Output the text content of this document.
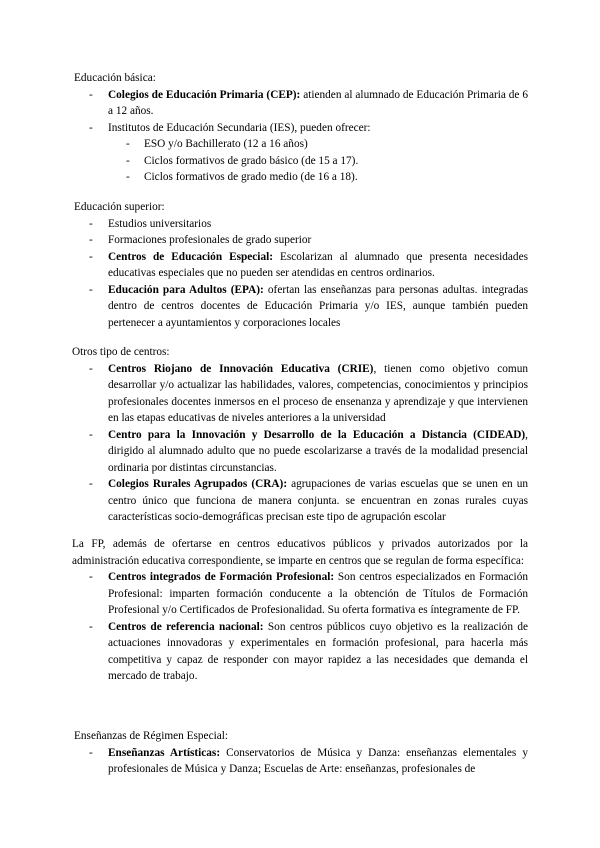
Educación básica:

- Colegios de Educación Primaria (CEP): atienden al alumnado de Educación Primaria de 6 a 12 años.
- Institutos de Educación Secundaria (IES), pueden ofrecer:
- ESO y/o Bachillerato (12 a 16 años)
- Ciclos formativos de grado básico (de 15 a 17).
- Ciclos formativos de grado medio (de 16 a 18).

Educación superior:

- Estudios universitarios
- Formaciones profesionales de grado superior
- Centros de Educación Especial: Escolarizan al alumnado que presenta necesidades educativas especiales que no pueden ser atendidas en centros ordinarios.
- Educación para Adultos (EPA): ofertan las enseñanzas para personas adultas. integradas dentro de centros docentes de Educación Primaria y/o IES, aunque también pueden pertenecer a ayuntamientos y corporaciones locales

Otros tipo de centros:

- Centros Riojano de Innovación Educativa (CRIE), tienen como objetivo comun desarrollar y/o actualizar las habilidades, valores, competencias, conocimientos y principios profesionales docentes inmersos en el proceso de ensenanza y aprendizaje y que intervienen en las etapas educativas de niveles anteriores a la universidad
- Centro para la Innovación y Desarrollo de la Educación a Distancia (CIDEAD), dirigido al alumnado adulto que no puede escolarizarse a través de la modalidad presencial ordinaria por distintas circunstancias.
- Colegios Rurales Agrupados (CRA): agrupaciones de varias escuelas que se unen en un centro único que funciona de manera conjunta. se encuentran en zonas rurales cuyas características socio-demográficas precisan este tipo de agrupación escolar

La FP, además de ofertarse en centros educativos públicos y privados autorizados por la administración educativa correspondiente, se imparte en centros que se regulan de forma específica:

- Centros integrados de Formación Profesional: Son centros especializados en Formación Profesional: imparten formación conducente a la obtención de Títulos de Formación Profesional y/o Certificados de Profesionalidad. Su oferta formativa es íntegramente de FP.
- Centros de referencia nacional: Son centros públicos cuyo objetivo es la realización de actuaciones innovadoras y experimentales en formación profesional, para hacerla más competitiva y capaz de responder con mayor rapidez a las necesidades que demanda el mercado de trabajo.

Enseñanzas de Régimen Especial:

- Enseñanzas Artísticas: Conservatorios de Música y Danza: enseñanzas elementales y profesionales de Música y Danza; Escuelas de Arte: enseñanzas, profesionales de
